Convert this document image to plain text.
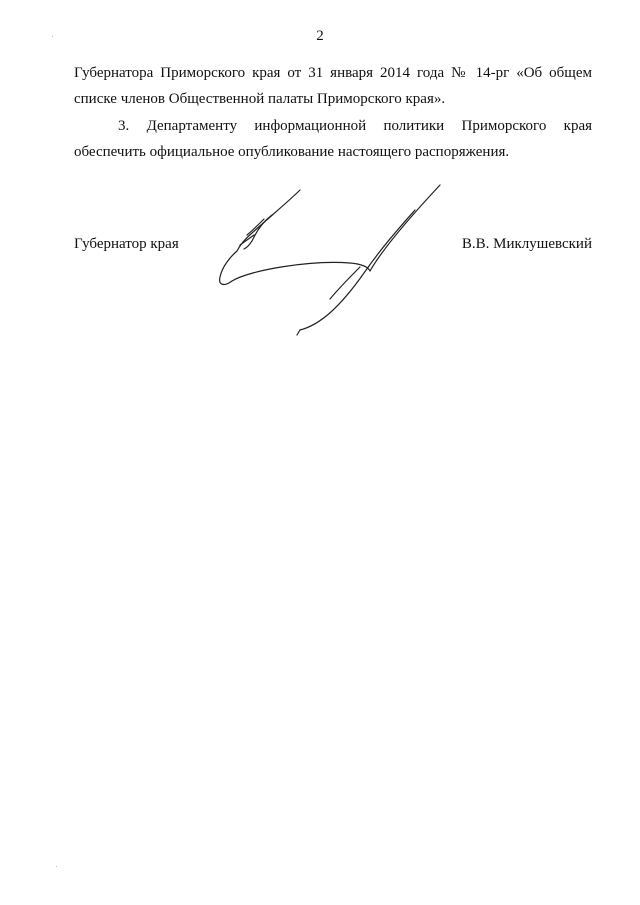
2
Губернатора Приморского края от 31 января 2014 года № 14-рг «Об общем
списке членов Общественной палаты Приморского края».
3. Департаменту информационной политики Приморского края
обеспечить официальное опубликование настоящего распоряжения.
Губернатор края	В.В. Миклушевский
